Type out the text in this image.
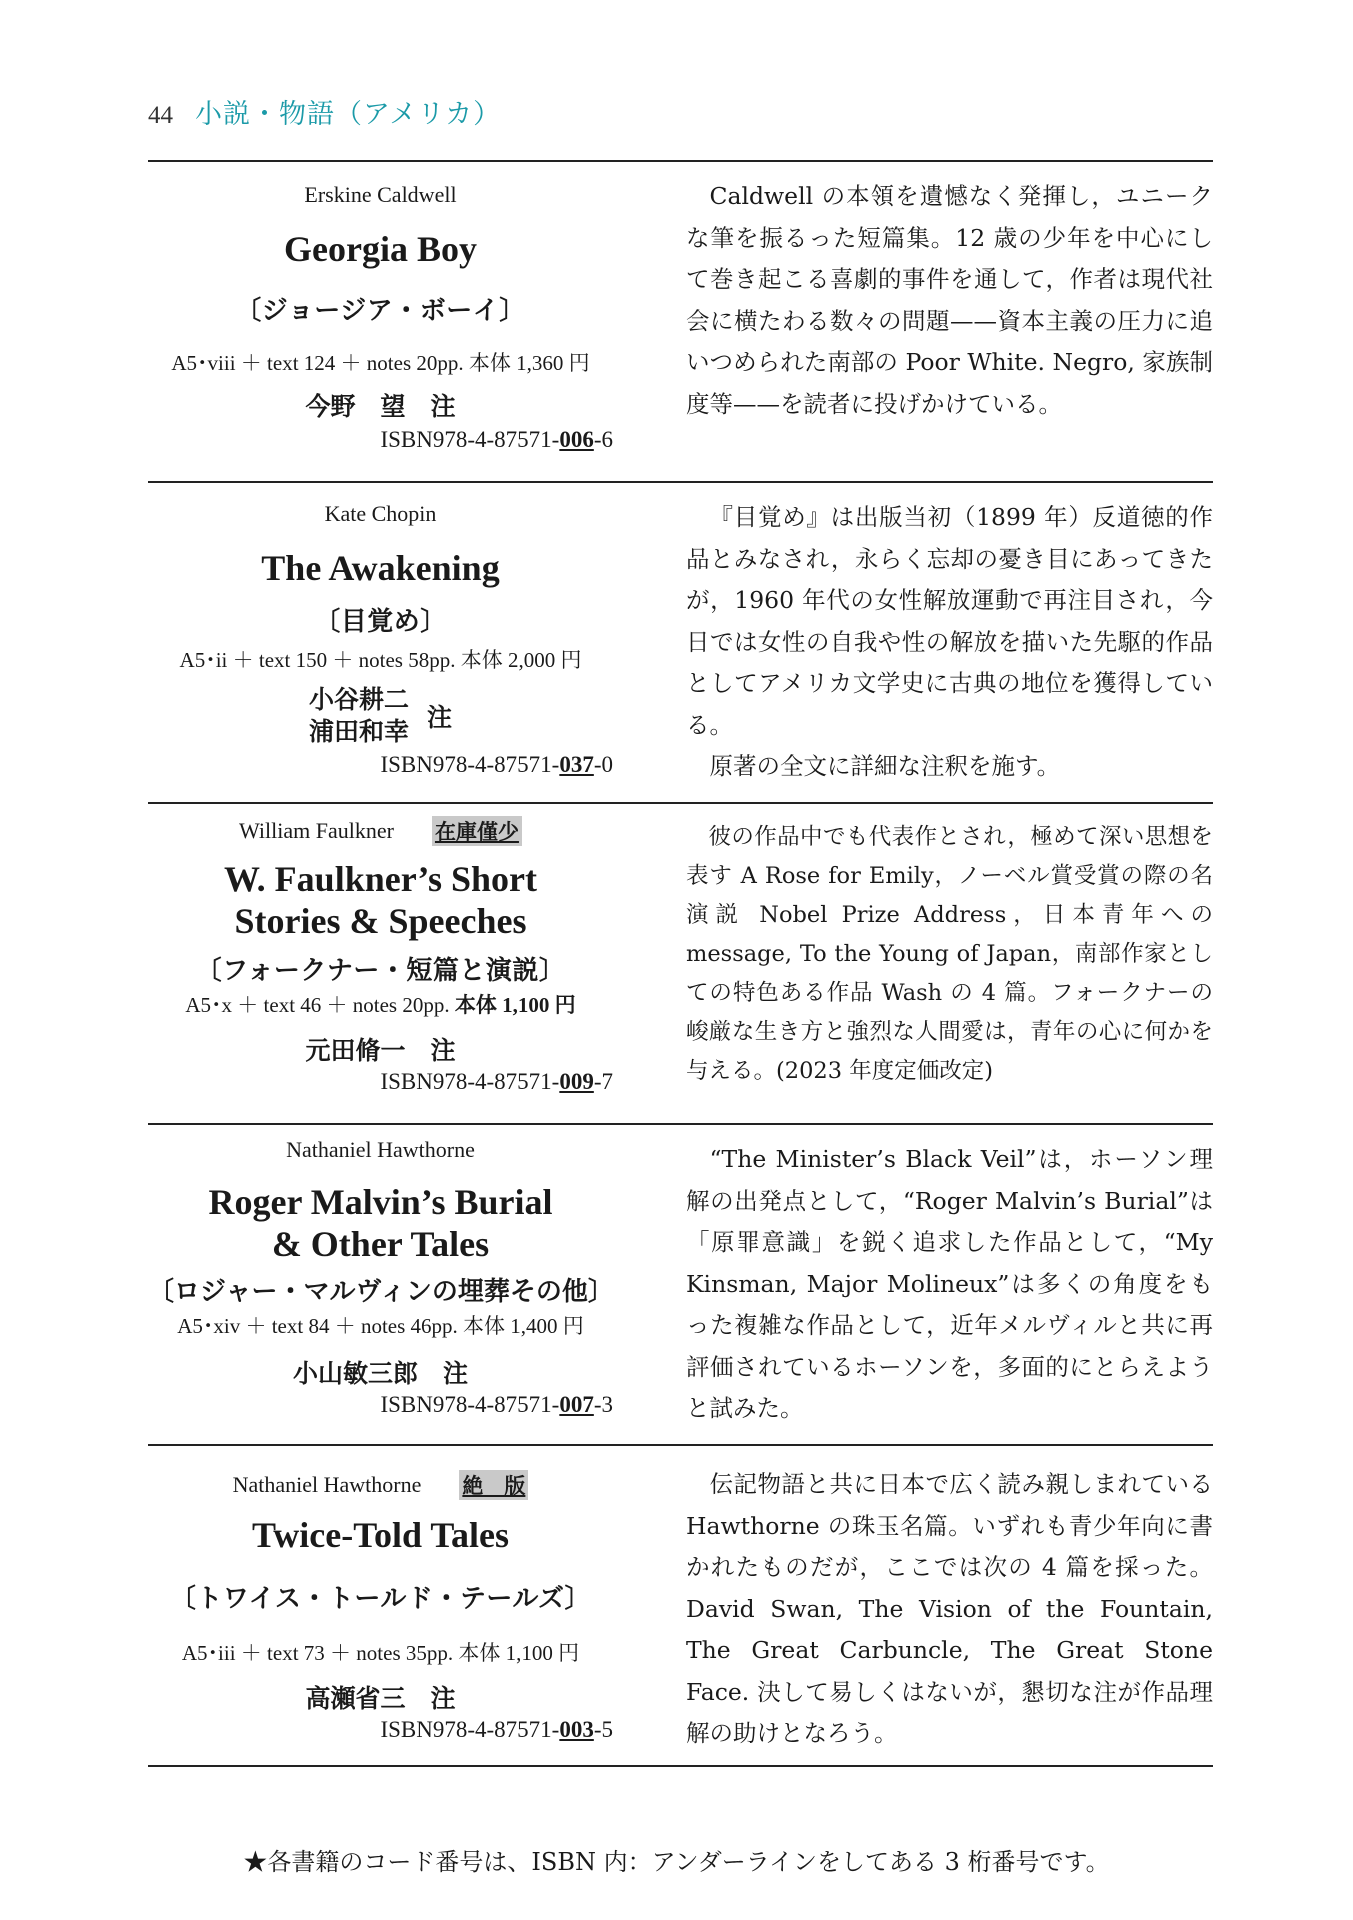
44 小説・物語（アメリカ）
Erskine Caldwell
Georgia Boy
〔ジョージア・ボーイ〕
A5･viii ＋ text 124 ＋ notes 20pp. 本体 1,360 円
今野　望　 注
ISBN978-4-87571-006-6

Caldwell の本領を遺憾なく発揮し，ユニークな筆を振るった短篇集。12 歳の少年を中心にして巻き起こる喜劇的事件を通して，作者は現代社会に横たわる数々の問題——資本主義の圧力に追いつめられた南部の Poor White. Negro, 家族制度等——を読者に投げかけている。

Kate Chopin
The Awakening
〔目覚め〕
A5･ii ＋ text 150 ＋ notes 58pp. 本体 2,000 円
小谷耕二
浦田和幸 注
ISBN978-4-87571-037-0

『目覚め』は出版当初（1899 年）反道徳的作品とみなされ，永らく忘却の憂き目にあってきたが，1960 年代の女性解放運動で再注目され，今日では女性の自我や性の解放を描いた先駆的作品としてアメリカ文学史に古典の地位を獲得している。

原著の全文に詳細な注釈を施す。

William Faulkner 在庫僅少
W. Faulkner’s Short
Stories & Speeches
〔フォークナー・短篇と演説〕
A5･x ＋ text 46 ＋ notes 20pp. 本体 1,100 円
元田脩一　 注
ISBN978-4-87571-009-7

彼の作品中でも代表作とされ，極めて深い思想を表す A Rose for Emily，ノーベル賞受賞の際の名演説 Nobel Prize Address，日本青年への message, To the Young of Japan，南部作家としての特色ある作品 Wash の 4 篇。フォークナーの峻厳な生き方と強烈な人間愛は，青年の心に何かを与える。(2023 年度定価改定)

Nathaniel Hawthorne
Roger Malvin’s Burial
& Other Tales
〔ロジャー・マルヴィンの埋葬その他〕
A5･xiv ＋ text 84 ＋ notes 46pp. 本体 1,400 円
小山敏三郎　 注
ISBN978-4-87571-007-3

“The Minister’s Black Veil”は，ホーソン理解の出発点として，“Roger Malvin’s Burial”は「原罪意識」を鋭く追求した作品として，“My Kinsman, Major Molineux”は多くの角度をもった複雑な作品として，近年メルヴィルと共に再評価されているホーソンを，多面的にとらえようと試みた。

Nathaniel Hawthorne 絶　版
Twice-Told Tales
〔トワイス・トールド・テールズ〕
A5･iii ＋ text 73 ＋ notes 35pp. 本体 1,100 円
高瀬省三　 注
ISBN978-4-87571-003-5

伝記物語と共に日本で広く読み親しまれている Hawthorne の珠玉名篇。いずれも青少年向に書かれたものだが，ここでは次の 4 篇を採った。David Swan, The Vision of the Fountain, The Great Carbuncle, The Great Stone Face. 決して易しくはないが，懇切な注が作品理解の助けとなろう。

★各書籍のコード番号は、ISBN 内：アンダーラインをしてある 3 桁番号です。
